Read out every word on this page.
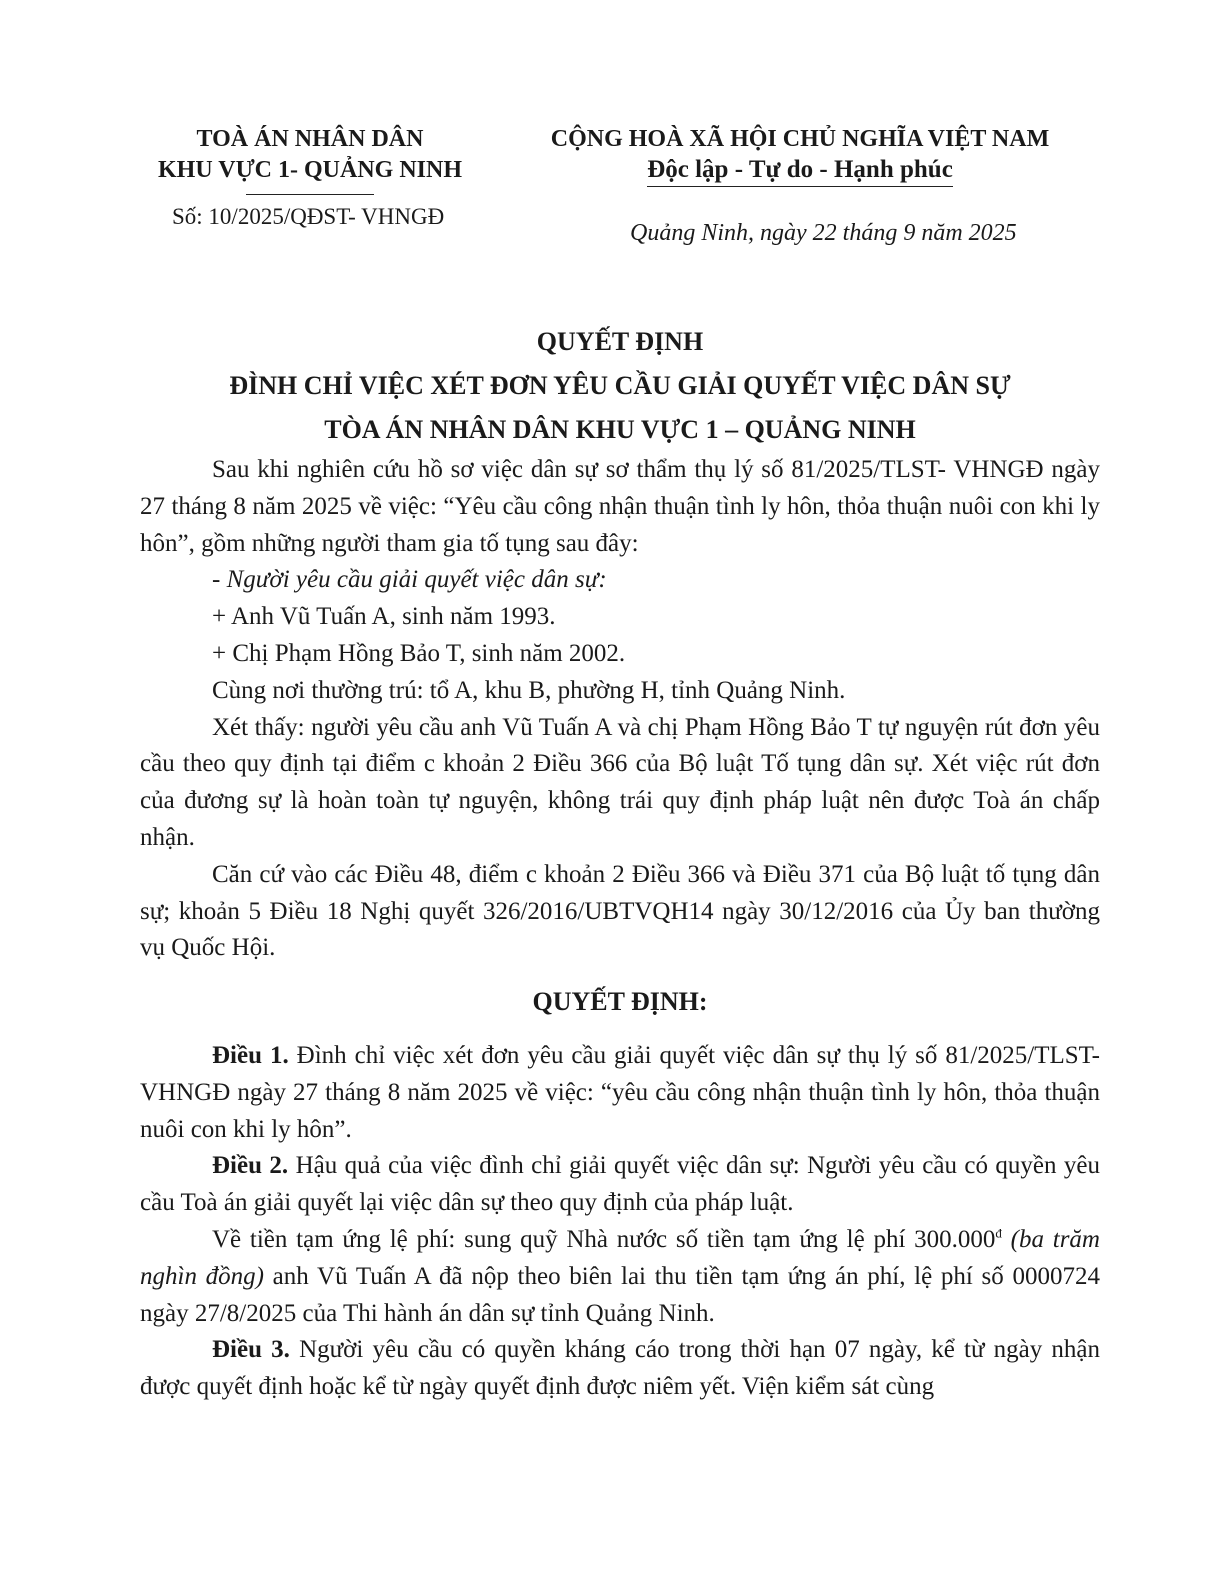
TOÀ ÁN NHÂN DÂN
KHU VỰC 1- QUẢNG NINH
Số: 10/2025/QĐST- VHNGĐ
CỘNG HOÀ XÃ HỘI CHỦ NGHĨA VIỆT NAM
Độc lập - Tự do - Hạnh phúc
Quảng Ninh, ngày 22 tháng 9 năm 2025
QUYẾT ĐỊNH
ĐÌNH CHỈ VIỆC XÉT ĐƠN YÊU CẦU GIẢI QUYẾT VIỆC DÂN SỰ
TÒA ÁN NHÂN DÂN KHU VỰC 1 – QUẢNG NINH

Sau khi nghiên cứu hồ sơ việc dân sự sơ thẩm thụ lý số 81/2025/TLST- VHNGĐ ngày 27 tháng 8 năm 2025 về việc: “Yêu cầu công nhận thuận tình ly hôn, thỏa thuận nuôi con khi ly hôn”, gồm những người tham gia tố tụng sau đây:

- Người yêu cầu giải quyết việc dân sự:

+ Anh Vũ Tuấn A, sinh năm 1993.

+ Chị Phạm Hồng Bảo T, sinh năm 2002.

Cùng nơi thường trú: tổ A, khu B, phường H, tỉnh Quảng Ninh.

Xét thấy: người yêu cầu anh Vũ Tuấn A và chị Phạm Hồng Bảo T tự nguyện rút đơn yêu cầu theo quy định tại điểm c khoản 2 Điều 366 của Bộ luật Tố tụng dân sự. Xét việc rút đơn của đương sự là hoàn toàn tự nguyện, không trái quy định pháp luật nên được Toà án chấp nhận.

Căn cứ vào các Điều 48, điểm c khoản 2 Điều 366 và Điều 371 của Bộ luật tố tụng dân sự; khoản 5 Điều 18 Nghị quyết 326/2016/UBTVQH14 ngày 30/12/2016 của Ủy ban thường vụ Quốc Hội.

QUYẾT ĐỊNH:

Điều 1. Đình chỉ việc xét đơn yêu cầu giải quyết việc dân sự thụ lý số 81/2025/TLST- VHNGĐ ngày 27 tháng 8 năm 2025 về việc: “yêu cầu công nhận thuận tình ly hôn, thỏa thuận nuôi con khi ly hôn”.

Điều 2. Hậu quả của việc đình chỉ giải quyết việc dân sự: Người yêu cầu có quyền yêu cầu Toà án giải quyết lại việc dân sự theo quy định của pháp luật.

Về tiền tạm ứng lệ phí: sung quỹ Nhà nước số tiền tạm ứng lệ phí $300.000^đ$ (ba trăm nghìn đồng) anh Vũ Tuấn A đã nộp theo biên lai thu tiền tạm ứng án phí, lệ phí số 0000724 ngày 27/8/2025 của Thi hành án dân sự tỉnh Quảng Ninh.

Điều 3. Người yêu cầu có quyền kháng cáo trong thời hạn 07 ngày, kể từ ngày nhận được quyết định hoặc kể từ ngày quyết định được niêm yết. Viện kiểm sát cùng
